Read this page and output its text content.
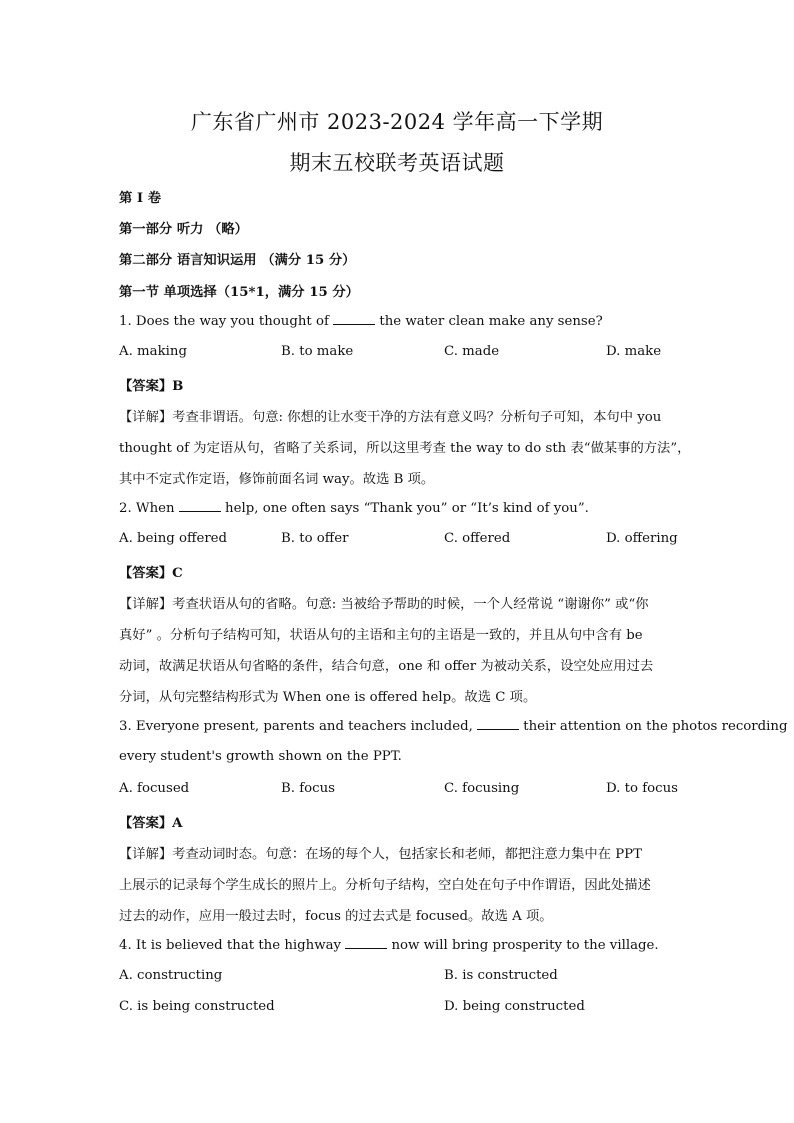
广东省广州市 2023-2024 学年高一下学期
期末五校联考英语试题
第 I 卷
第一部分 听力 （略）
第二部分 语言知识运用 （满分 15 分）
第一节 单项选择（15*1，满分 15 分）
1. Does the way you thought of	the water clean make any sense?
A. making	B. to make	C. made	D. make
【答案】B
【详解】考查非谓语。句意: 你想的让水变干净的方法有意义吗？分析句子可知，本句中 you
thought of 为定语从句，省略了关系词，所以这里考查 the way to do sth 表“做某事的方法”，
其中不定式作定语，修饰前面名词 way。故选 B 项。
2. When	help, one often says “Thank you” or “It’s kind of you”.
A. being offered	B. to offer	C. offered	D. offering
【答案】C
【详解】考查状语从句的省略。句意: 当被给予帮助的时候，一个人经常说 “谢谢你” 或“你
真好” 。分析句子结构可知，状语从句的主语和主句的主语是一致的，并且从句中含有 be
动词，故满足状语从句省略的条件，结合句意，one 和 offer 为被动关系，设空处应用过去
分词，从句完整结构形式为 When one is offered help。故选 C 项。
3. Everyone present, parents and teachers included,	their attention on the photos recording
every student's growth shown on the PPT.
A. focused	B. focus	C. focusing	D. to focus
【答案】A
【详解】考查动词时态。句意：在场的每个人，包括家长和老师，都把注意力集中在 PPT
上展示的记录每个学生成长的照片上。分析句子结构，空白处在句子中作谓语，因此处描述
过去的动作，应用一般过去时，focus 的过去式是 focused。故选 A 项。
4. It is believed that the highway	now will bring prosperity to the village.
A. constructing	B. is constructed
C. is being constructed	D. being constructed
